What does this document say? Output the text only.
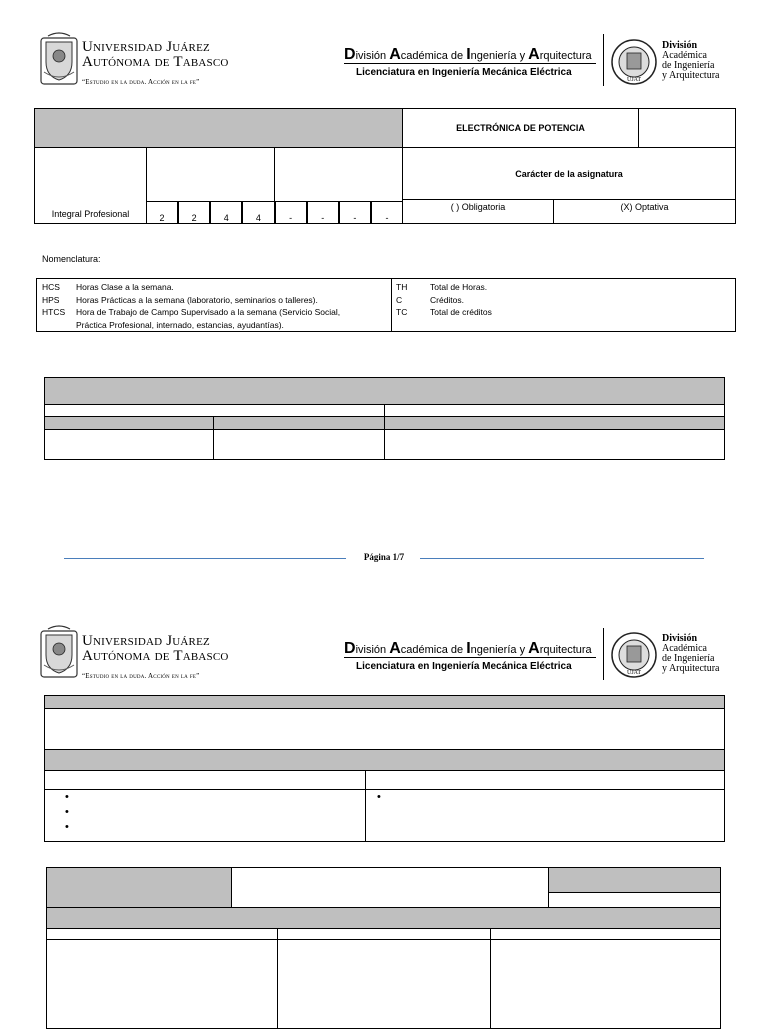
Universidad Juárez
Autónoma de Tabasco
“Estudio en la duda. Acción en la fe”
División Académica de Ingeniería y Arquitectura
Licenciatura en Ingeniería Mecánica Eléctrica
UJAT
División
Académica
de Ingeniería
y Arquitectura
ELECTRÓNICA DE POTENCIA
Carácter de la asignatura
Integral Profesional	2	2	4	4	-	-	-	-
( ) Obligatoria	(X) Optativa
Nomenclatura:
HCS Horas Clase a la semana.
HPS Horas Prácticas a la semana (laboratorio, seminarios o talleres).
HTCS Hora de Trabajo de Campo Supervisado a la semana (Servicio Social,
Práctica Profesional, internado, estancias, ayudantías).
TH	Total de Horas.
C	Créditos.
TC	Total de créditos
Página 1/7
Universidad Juárez
Autónoma de Tabasco
“Estudio en la duda. Acción en la fe”
División Académica de Ingeniería y Arquitectura
Licenciatura en Ingeniería Mecánica Eléctrica
UJAT
División
Académica
de Ingeniería
y Arquitectura
•
•
•
•
